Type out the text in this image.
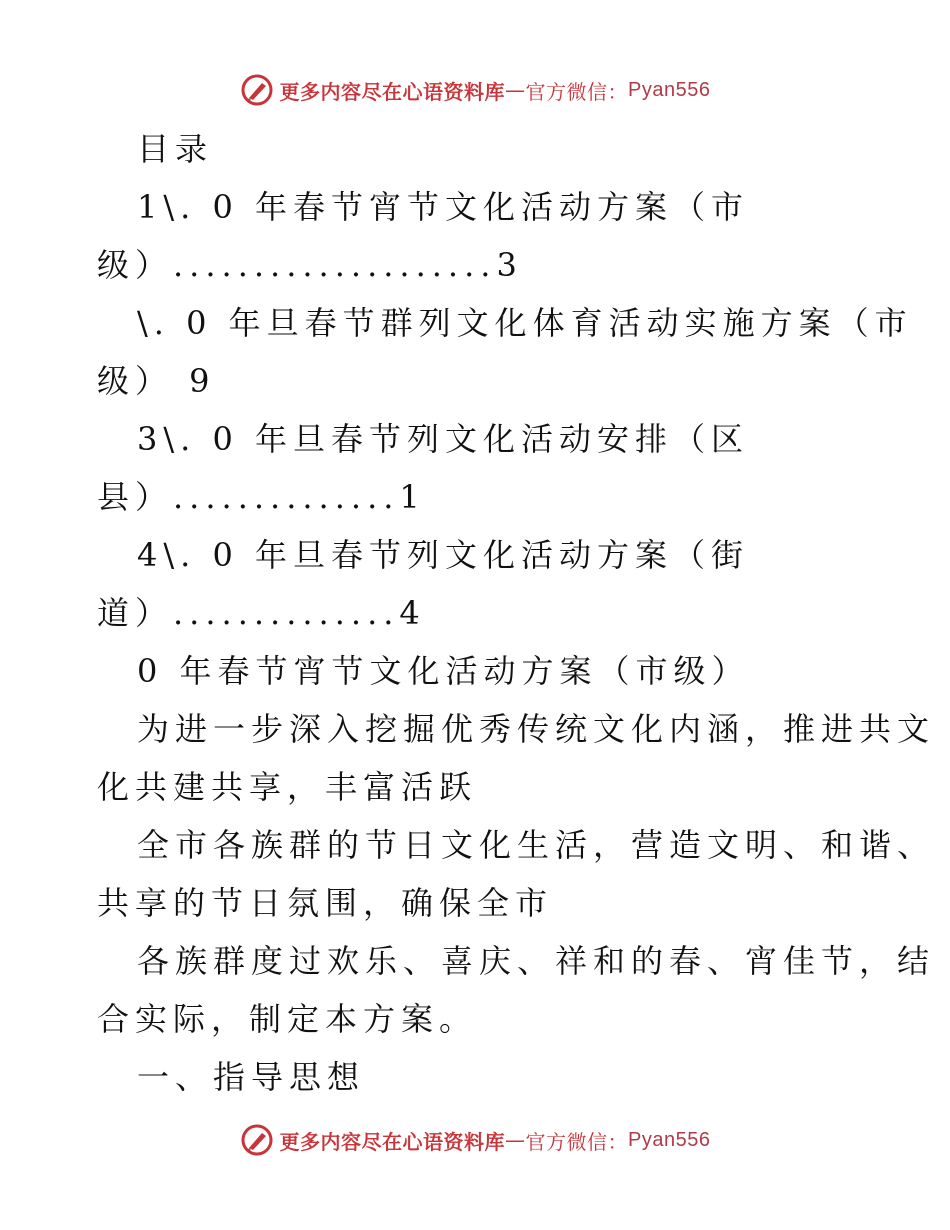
更多内容尽在心语资料库 — 官方微信： Pyan556
目录
1\. 0 年春节宵节文化活动方案（市
级）....................3
\. 0 年旦春节群列文化体育活动实施方案（市
级） 9
3\. 0 年旦春节列文化活动安排（区
县）..............1
4\. 0 年旦春节列文化活动方案（街
道）..............4
0 年春节宵节文化活动方案（市级）
为进一步深入挖掘优秀传统文化内涵，推进共文
化共建共享，丰富活跃
全市各族群的节日文化生活，营造文明、和谐、
共享的节日氛围，确保全市
各族群度过欢乐、喜庆、祥和的春、宵佳节，结
合实际，制定本方案。
一、指导思想
更多内容尽在心语资料库 — 官方微信： Pyan556
